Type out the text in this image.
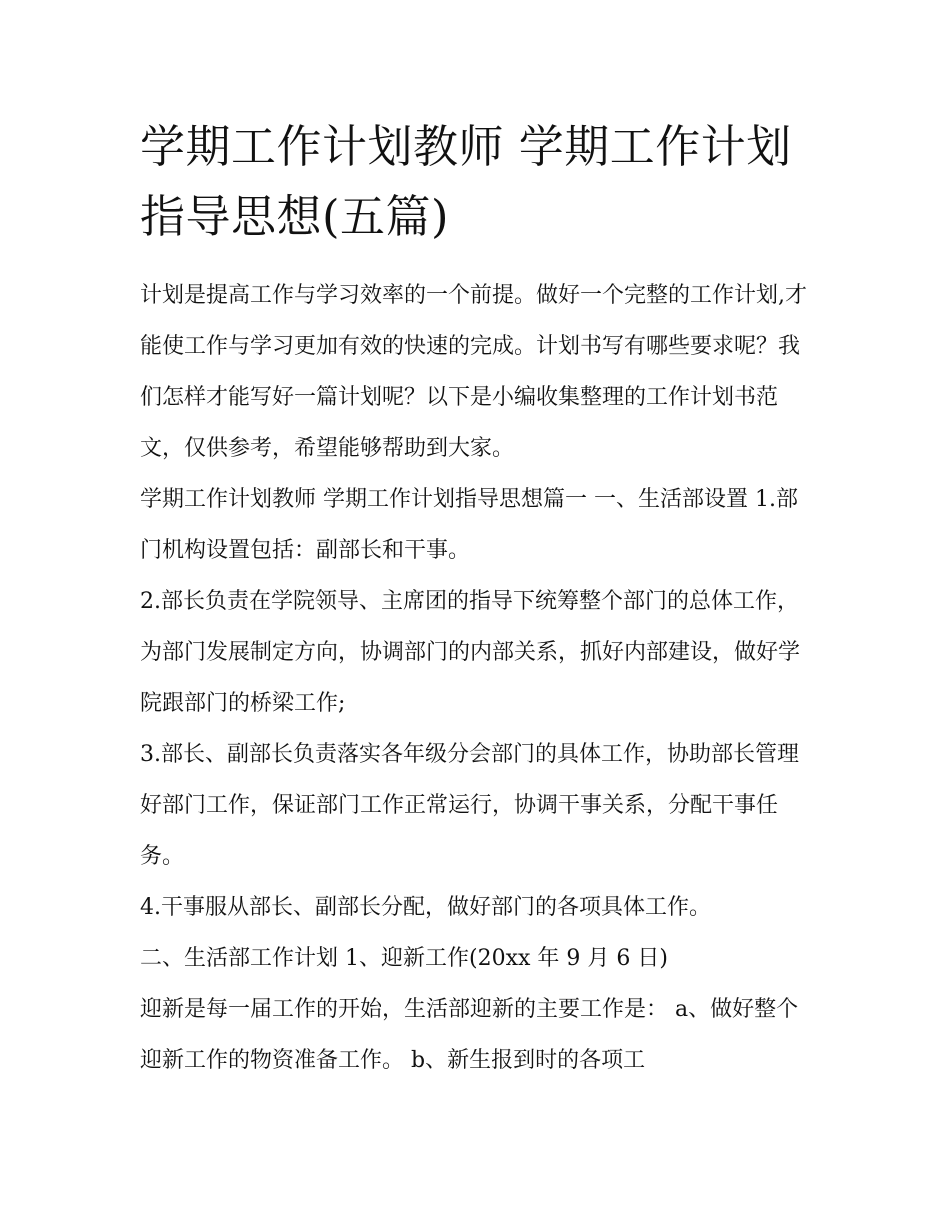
学期工作计划教师 学期工作计划指导思想(五篇)

计划是提高工作与学习效率的一个前提。做好一个完整的工作计划,才能使工作与学习更加有效的快速的完成。计划书写有哪些要求呢？我们怎样才能写好一篇计划呢？以下是小编收集整理的工作计划书范文，仅供参考，希望能够帮助到大家。

学期工作计划教师 学期工作计划指导思想篇一 一、生活部设置 1.部门机构设置包括：副部长和干事。

2.部长负责在学院领导、主席团的指导下统筹整个部门的总体工作，为部门发展制定方向，协调部门的内部关系，抓好内部建设，做好学院跟部门的桥梁工作;

3.部长、副部长负责落实各年级分会部门的具体工作，协助部长管理好部门工作，保证部门工作正常运行，协调干事关系，分配干事任务。

4.干事服从部长、副部长分配，做好部门的各项具体工作。

二、生活部工作计划 1、迎新工作(20xx 年 9 月 6 日)

迎新是每一届工作的开始，生活部迎新的主要工作是： a、做好整个迎新工作的物资准备工作。 b、新生报到时的各项工
